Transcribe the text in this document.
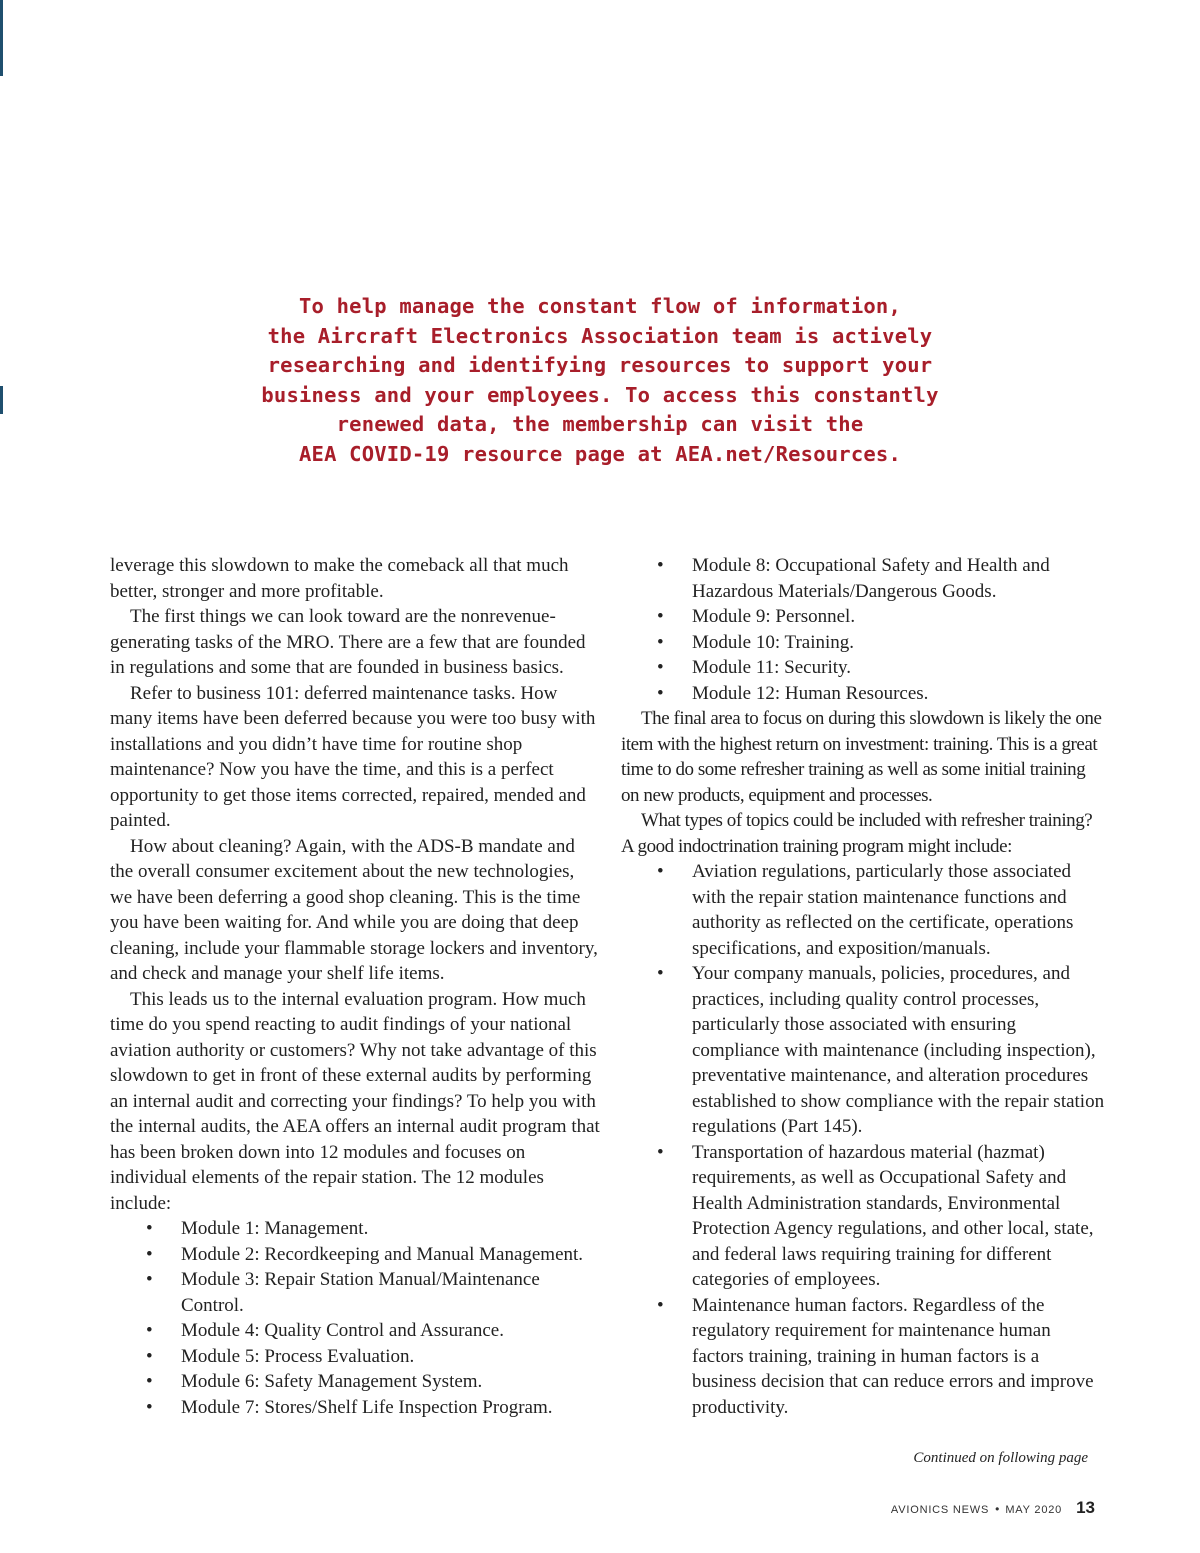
To help manage the constant flow of information,
the Aircraft Electronics Association team is actively
researching and identifying resources to support your
business and your employees. To access this constantly
renewed data, the membership can visit the
AEA COVID-19 resource page at AEA.net/Resources.

leverage this slowdown to make the comeback all that much better, stronger and more profitable.

The first things we can look toward are the nonrevenue-generating tasks of the MRO. There are a few that are founded in regulations and some that are founded in business basics.

Refer to business 101: deferred maintenance tasks. How many items have been deferred because you were too busy with installations and you didn’t have time for routine shop maintenance? Now you have the time, and this is a perfect opportunity to get those items corrected, repaired, mended and painted.

How about cleaning? Again, with the ADS-B mandate and the overall consumer excitement about the new technologies, we have been deferring a good shop cleaning. This is the time you have been waiting for. And while you are doing that deep cleaning, include your flammable storage lockers and inventory, and check and manage your shelf life items.

This leads us to the internal evaluation program. How much time do you spend reacting to audit findings of your national aviation authority or customers? Why not take advantage of this slowdown to get in front of these external audits by performing an internal audit and correcting your findings? To help you with the internal audits, the AEA offers an internal audit program that has been broken down into 12 modules and focuses on individual elements of the repair station. The 12 modules include:

• Module 1: Management.
• Module 2: Recordkeeping and Manual Management.
• Module 3: Repair Station Manual/Maintenance Control.
• Module 4: Quality Control and Assurance.
• Module 5: Process Evaluation.
• Module 6: Safety Management System.
• Module 7: Stores/Shelf Life Inspection Program.
• Module 8: Occupational Safety and Health and Hazardous Materials/Dangerous Goods.
• Module 9: Personnel.
• Module 10: Training.
• Module 11: Security.
• Module 12: Human Resources.

The final area to focus on during this slowdown is likely the one item with the highest return on investment: training. This is a great time to do some refresher training as well as some initial training on new products, equipment and processes.

What types of topics could be included with refresher training? A good indoctrination training program might include:

• Aviation regulations, particularly those associated with the repair station maintenance functions and authority as reflected on the certificate, operations specifications, and exposition/manuals.
• Your company manuals, policies, procedures, and practices, including quality control processes, particularly those associated with ensuring compliance with maintenance (including inspection), preventative maintenance, and alteration procedures established to show compliance with the repair station regulations (Part 145).
• Transportation of hazardous material (hazmat) requirements, as well as Occupational Safety and Health Administration standards, Environmental Protection Agency regulations, and other local, state, and federal laws requiring training for different categories of employees.
• Maintenance human factors. Regardless of the regulatory requirement for maintenance human factors training, training in human factors is a business decision that can reduce errors and improve productivity.
Continued on following page
AVIONICS NEWS • MAY 2020 13
